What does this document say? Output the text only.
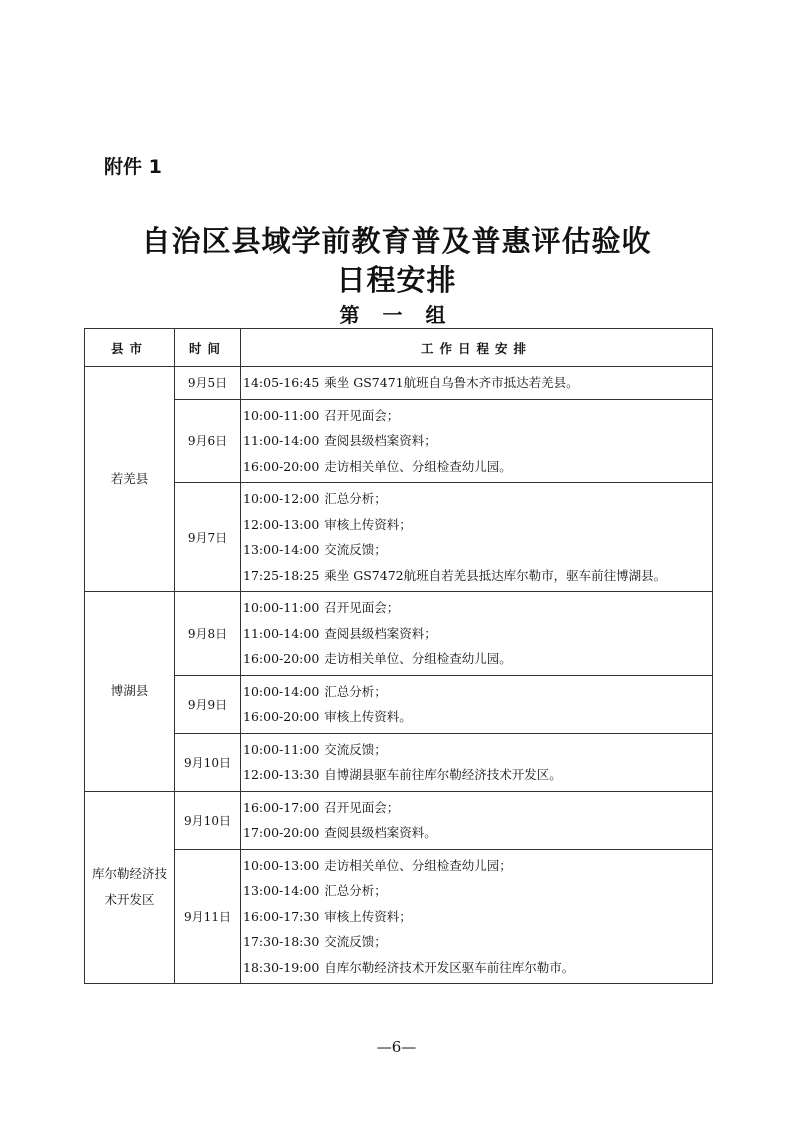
附件 1
自治区县域学前教育普及普惠评估验收
日程安排
第 一 组
县市	时间	工作日程安排
若羌县	9月5日	14:05-16:45 乘坐 GS7471航班自乌鲁木齐市抵达若羌县。

	9月6日	10:00-11:00 召开见面会；
11:00-14:00 查阅县级档案资料；
16:00-20:00 走访相关单位、分组检查幼儿园。

	9月7日	10:00-12:00 汇总分析；
12:00-13:00 审核上传资料；
13:00-14:00 交流反馈；
17:25-18:25 乘坐 GS7472航班自若羌县抵达库尔勒市，驱车前往博湖县。

博湖县	9月8日	10:00-11:00 召开见面会；
11:00-14:00 查阅县级档案资料；
16:00-20:00 走访相关单位、分组检查幼儿园。

	9月9日	10:00-14:00 汇总分析；
16:00-20:00 审核上传资料。

	9月10日	10:00-11:00 交流反馈；
12:00-13:30 自博湖县驱车前往库尔勒经济技术开发区。

库尔勒经济技术开发区	9月10日	16:00-17:00 召开见面会；
17:00-20:00 查阅县级档案资料。

	9月11日	10:00-13:00 走访相关单位、分组检查幼儿园；
13:00-14:00 汇总分析；
16:00-17:30 审核上传资料；
17:30-18:30 交流反馈；
18:30-19:00 自库尔勒经济技术开发区驱车前往库尔勒市。
—6—
